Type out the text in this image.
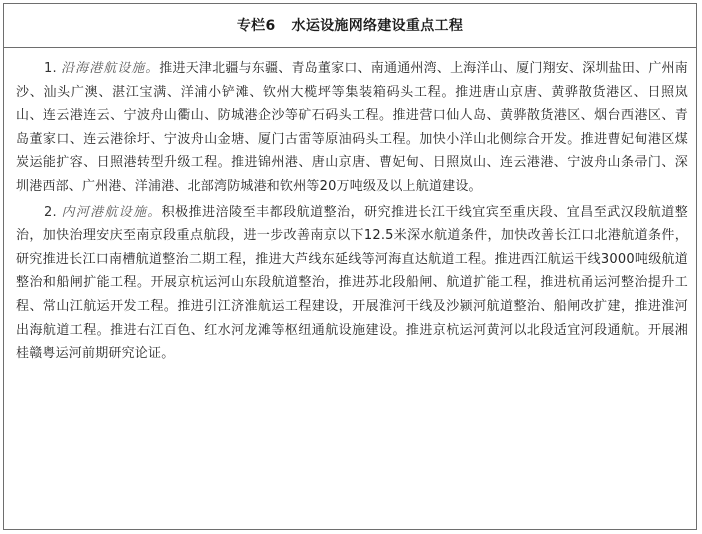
专栏6 水运设施网络建设重点工程

1. 沿海港航设施。推进天津北疆与东疆、青岛董家口、南通通州湾、上海洋山、厦门翔安、深圳盐田、广州南沙、汕头广澳、湛江宝满、洋浦小铲滩、钦州大榄坪等集装箱码头工程。推进唐山京唐、黄骅散货港区、日照岚山、连云港连云、宁波舟山衢山、防城港企沙等矿石码头工程。推进营口仙人岛、黄骅散货港区、烟台西港区、青岛董家口、连云港徐圩、宁波舟山金塘、厦门古雷等原油码头工程。加快小洋山北侧综合开发。推进曹妃甸港区煤炭运能扩容、日照港转型升级工程。推进锦州港、唐山京唐、曹妃甸、日照岚山、连云港港、宁波舟山条帚门、深圳港西部、广州港、洋浦港、北部湾防城港和钦州等20万吨级及以上航道建设。

2. 内河港航设施。积极推进涪陵至丰都段航道整治，研究推进长江干线宜宾至重庆段、宜昌至武汉段航道整治，加快治理安庆至南京段重点航段，进一步改善南京以下12.5米深水航道条件，加快改善长江口北港航道条件，研究推进长江口南槽航道整治二期工程，推进大芦线东延线等河海直达航道工程。推进西江航运干线3000吨级航道整治和船闸扩能工程。开展京杭运河山东段航道整治，推进苏北段船闸、航道扩能工程，推进杭甬运河整治提升工程、常山江航运开发工程。推进引江济淮航运工程建设，开展淮河干线及沙颍河航道整治、船闸改扩建，推进淮河出海航道工程。推进右江百色、红水河龙滩等枢纽通航设施建设。推进京杭运河黄河以北段适宜河段通航。开展湘桂赣粤运河前期研究论证。
